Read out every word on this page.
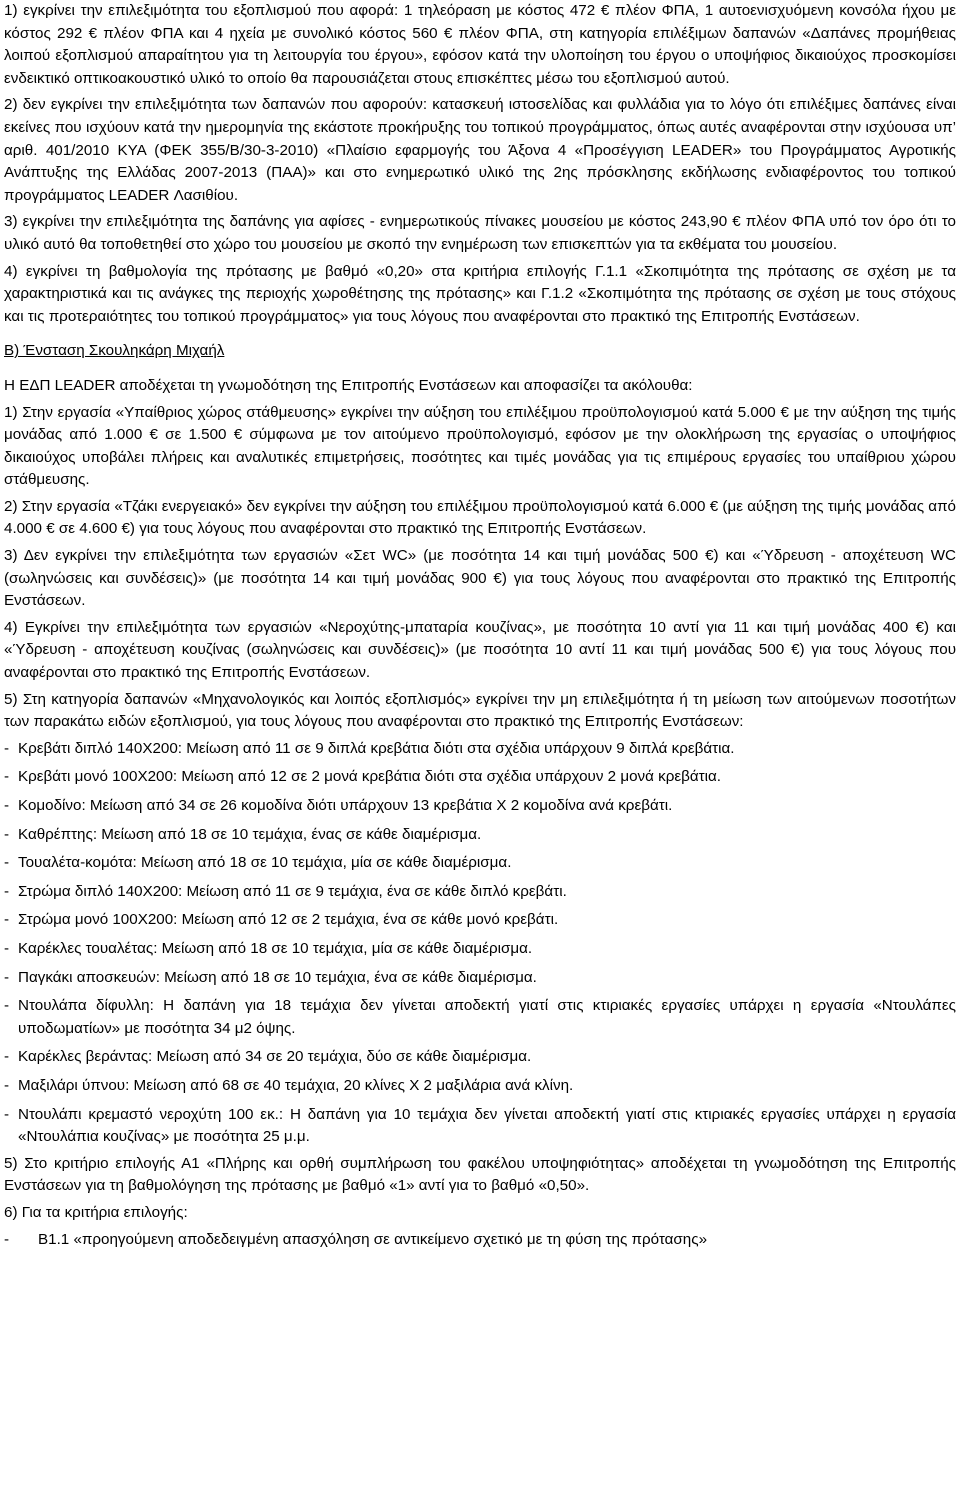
1) εγκρίνει την επιλεξιμότητα του εξοπλισμού που αφορά: 1 τηλεόραση με κόστος 472 € πλέον ΦΠΑ, 1 αυτοενισχυόμενη κονσόλα ήχου με κόστος 292 € πλέον ΦΠΑ και 4 ηχεία με συνολικό κόστος 560 € πλέον ΦΠΑ, στη κατηγορία επιλέξιμων δαπανών «Δαπάνες προμήθειας λοιπού εξοπλισμού απαραίτητου για τη λειτουργία του έργου», εφόσον κατά την υλοποίηση του έργου ο υποψήφιος δικαιούχος προσκομίσει ενδεικτικό οπτικοακουστικό υλικό το οποίο θα παρουσιάζεται στους επισκέπτες μέσω του εξοπλισμού αυτού.

2) δεν εγκρίνει την επιλεξιμότητα των δαπανών που αφορούν: κατασκευή ιστοσελίδας και φυλλάδια για το λόγο ότι επιλέξιμες δαπάνες είναι εκείνες που ισχύουν κατά την ημερομηνία της εκάστοτε προκήρυξης του τοπικού προγράμματος, όπως αυτές αναφέρονται στην ισχύουσα υπ’ αριθ. 401/2010 ΚΥΑ (ΦΕΚ 355/Β/30-3-2010) «Πλαίσιο εφαρμογής του Άξονα 4 «Προσέγγιση LEADER» του Προγράμματος Αγροτικής Ανάπτυξης της Ελλάδας 2007-2013 (ΠΑΑ)» και στο ενημερωτικό υλικό της 2ης πρόσκλησης εκδήλωσης ενδιαφέροντος του τοπικού προγράμματος LEADER Λασιθίου.

3) εγκρίνει την επιλεξιμότητα της δαπάνης για αφίσες - ενημερωτικούς πίνακες μουσείου με κόστος 243,90 € πλέον ΦΠΑ υπό τον όρο ότι το υλικό αυτό θα τοποθετηθεί στο χώρο του μουσείου με σκοπό την ενημέρωση των επισκεπτών για τα εκθέματα του μουσείου.

4) εγκρίνει τη βαθμολογία της πρότασης με βαθμό «0,20» στα κριτήρια επιλογής Γ.1.1 «Σκοπιμότητα της πρότασης σε σχέση με τα χαρακτηριστικά και τις ανάγκες της περιοχής χωροθέτησης της πρότασης» και Γ.1.2 «Σκοπιμότητα της πρότασης σε σχέση με τους στόχους και τις προτεραιότητες του τοπικού προγράμματος» για τους λόγους που αναφέρονται στο πρακτικό της Επιτροπής Ενστάσεων.

Β) Ένσταση Σκουληκάρη Μιχαήλ

Η ΕΔΠ LEADER αποδέχεται τη γνωμοδότηση της Επιτροπής Ενστάσεων και αποφασίζει τα ακόλουθα:

1) Στην εργασία «Υπαίθριος χώρος στάθμευσης» εγκρίνει την αύξηση του επιλέξιμου προϋπολογισμού κατά 5.000 € με την αύξηση της τιμής μονάδας από 1.000 € σε 1.500 € σύμφωνα με τον αιτούμενο προϋπολογισμό, εφόσον με την ολοκλήρωση της εργασίας ο υποψήφιος δικαιούχος υποβάλει πλήρεις και αναλυτικές επιμετρήσεις, ποσότητες και τιμές μονάδας για τις επιμέρους εργασίες του υπαίθριου χώρου στάθμευσης.

2) Στην εργασία «Τζάκι ενεργειακό» δεν εγκρίνει την αύξηση του επιλέξιμου προϋπολογισμού κατά 6.000 € (με αύξηση της τιμής μονάδας από 4.000 € σε 4.600 €) για τους λόγους που αναφέρονται στο πρακτικό της Επιτροπής Ενστάσεων.

3) Δεν εγκρίνει την επιλεξιμότητα των εργασιών «Σετ WC» (με ποσότητα 14 και τιμή μονάδας 500 €) και «Ύδρευση - αποχέτευση WC (σωληνώσεις και συνδέσεις)» (με ποσότητα 14 και τιμή μονάδας 900 €) για τους λόγους που αναφέρονται στο πρακτικό της Επιτροπής Ενστάσεων.

4) Εγκρίνει την επιλεξιμότητα των εργασιών «Νεροχύτης-μπαταρία κουζίνας», με ποσότητα 10 αντί για 11 και τιμή μονάδας 400 €) και «Ύδρευση - αποχέτευση κουζίνας (σωληνώσεις και συνδέσεις)» (με ποσότητα 10 αντί 11 και τιμή μονάδας 500 €) για τους λόγους που αναφέρονται στο πρακτικό της Επιτροπής Ενστάσεων.

5) Στη κατηγορία δαπανών «Μηχανολογικός και λοιπός εξοπλισμός» εγκρίνει την μη επιλεξιμότητα ή τη μείωση των αιτούμενων ποσοτήτων των παρακάτω ειδών εξοπλισμού, για τους λόγους που αναφέρονται στο πρακτικό της Επιτροπής Ενστάσεων:

- Κρεβάτι διπλό 140Χ200: Μείωση από 11 σε 9 διπλά κρεβάτια διότι στα σχέδια υπάρχουν 9 διπλά κρεβάτια.
- Κρεβάτι μονό 100Χ200: Μείωση από 12 σε 2 μονά κρεβάτια διότι στα σχέδια υπάρχουν 2 μονά κρεβάτια.
- Κομοδίνο: Μείωση από 34 σε 26 κομοδίνα διότι υπάρχουν 13 κρεβάτια Χ 2 κομοδίνα ανά κρεβάτι.
- Καθρέπτης: Μείωση από 18 σε 10 τεμάχια, ένας σε κάθε διαμέρισμα.
- Τουαλέτα-κομότα: Μείωση από 18 σε 10 τεμάχια, μία σε κάθε διαμέρισμα.
- Στρώμα διπλό 140Χ200: Μείωση από 11 σε 9 τεμάχια, ένα σε κάθε διπλό κρεβάτι.
- Στρώμα μονό 100Χ200: Μείωση από 12 σε 2 τεμάχια, ένα σε κάθε μονό κρεβάτι.
- Καρέκλες τουαλέτας: Μείωση από 18 σε 10 τεμάχια, μία σε κάθε διαμέρισμα.
- Παγκάκι αποσκευών: Μείωση από 18 σε 10 τεμάχια, ένα σε κάθε διαμέρισμα.
- Ντουλάπα δίφυλλη: Η δαπάνη για 18 τεμάχια δεν γίνεται αποδεκτή γιατί στις κτιριακές εργασίες υπάρχει η εργασία «Ντουλάπες υποδωματίων» με ποσότητα 34 μ2 όψης.
- Καρέκλες βεράντας: Μείωση από 34 σε 20 τεμάχια, δύο σε κάθε διαμέρισμα.
- Μαξιλάρι ύπνου: Μείωση από 68 σε 40 τεμάχια, 20 κλίνες Χ 2 μαξιλάρια ανά κλίνη.
- Ντουλάπι κρεμαστό νεροχύτη 100 εκ.: Η δαπάνη για 10 τεμάχια δεν γίνεται αποδεκτή γιατί στις κτιριακές εργασίες υπάρχει η εργασία «Ντουλάπια κουζίνας» με ποσότητα 25 μ.μ.

5) Στο κριτήριο επιλογής Α1 «Πλήρης και ορθή συμπλήρωση του φακέλου υποψηφιότητας» αποδέχεται τη γνωμοδότηση της Επιτροπής Ενστάσεων για τη βαθμολόγηση της πρότασης με βαθμό «1» αντί για το βαθμό «0,50».

6) Για τα κριτήρια επιλογής:

-	Β1.1 «προηγούμενη αποδεδειγμένη απασχόληση σε αντικείμενο σχετικό με τη φύση της πρότασης»
